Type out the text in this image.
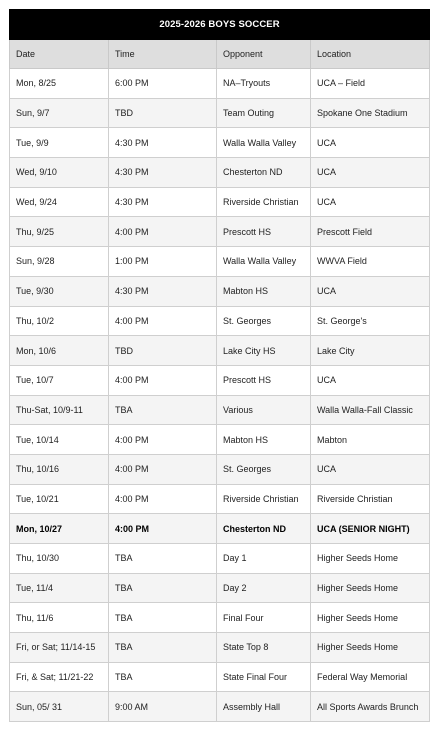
2025-2026 BOYS SOCCER			
Date	Time	Opponent	Location
Mon, 8/25	6:00 PM	NA–Tryouts	UCA – Field
Sun, 9/7	TBD	Team Outing	Spokane One Stadium
Tue, 9/9	4:30 PM	Walla Walla Valley	UCA
Wed, 9/10	4:30 PM	Chesterton ND	UCA
Wed, 9/24	4:30 PM	Riverside Christian	UCA
Thu, 9/25	4:00 PM	Prescott HS	Prescott Field
Sun, 9/28	1:00 PM	Walla Walla Valley	WWVA Field
Tue, 9/30	4:30 PM	Mabton HS	UCA
Thu, 10/2	4:00 PM	St. Georges	St. George's
Mon, 10/6	TBD	Lake City HS	Lake City
Tue, 10/7	4:00 PM	Prescott HS	UCA
Thu-Sat, 10/9-11	TBA	Various	Walla Walla-Fall Classic
Tue, 10/14	4:00 PM	Mabton HS	Mabton
Thu, 10/16	4:00 PM	St. Georges	UCA
Tue, 10/21	4:00 PM	Riverside Christian	Riverside Christian
Mon, 10/27	4:00 PM	Chesterton ND	UCA (SENIOR NIGHT)
Thu, 10/30	TBA	Day 1	Higher Seeds Home
Tue, 11/4	TBA	Day 2	Higher Seeds Home
Thu, 11/6	TBA	Final Four	Higher Seeds Home
Fri, or Sat; 11/14-15	TBA	State Top 8	Higher Seeds Home
Fri, & Sat; 11/21-22	TBA	State Final Four	Federal Way Memorial
Sun, 05/ 31	9:00 AM	Assembly Hall	All Sports Awards Brunch
